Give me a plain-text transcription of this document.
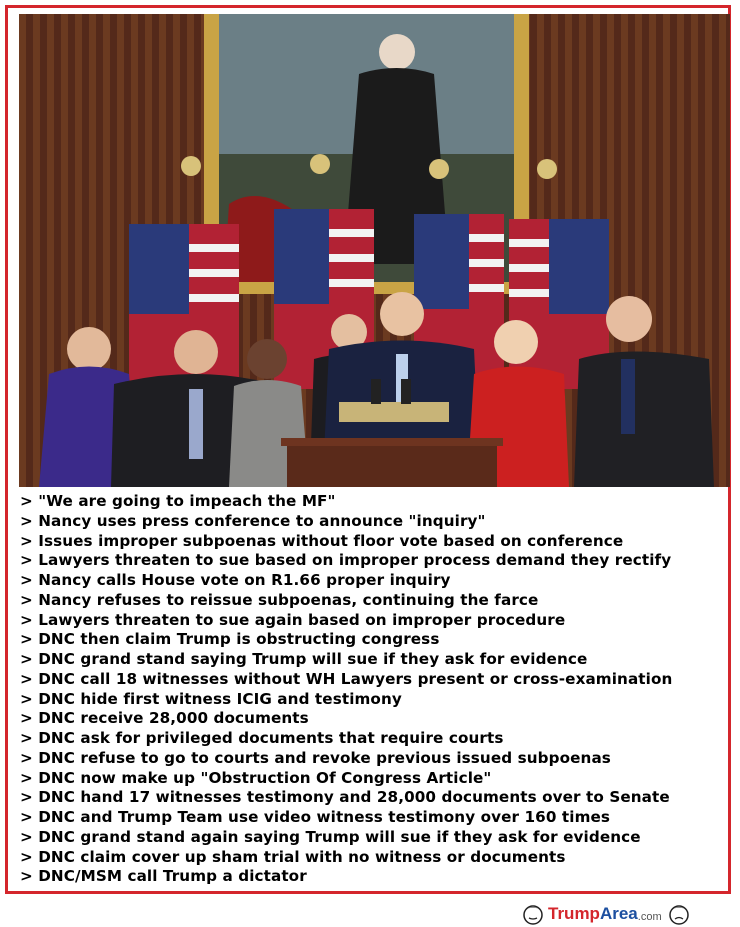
> "We are going to impeach the MF"
> Nancy uses press conference to announce "inquiry"
> Issues improper subpoenas without floor vote based on conference
> Lawyers threaten to sue based on improper process demand they rectify
> Nancy calls House vote on R1.66 proper inquiry
> Nancy refuses to reissue subpoenas, continuing the farce
> Lawyers threaten to sue again based on improper procedure
> DNC then claim Trump is obstructing congress
> DNC grand stand saying Trump will sue if they ask for evidence
> DNC call 18 witnesses without WH Lawyers present or cross-examination
> DNC hide first witness ICIG and testimony
> DNC receive 28,000 documents
> DNC ask for privileged documents that require courts
> DNC refuse to go to courts and revoke previous issued subpoenas
> DNC now make up "Obstruction Of Congress Article"
> DNC hand 17 witnesses testimony and 28,000 documents over to Senate
> DNC and Trump Team use video witness testimony over 160 times
> DNC grand stand again saying Trump will sue if they ask for evidence
> DNC claim cover up sham trial with no witness or documents
> DNC/MSM call Trump a dictator
Trump Area .com
